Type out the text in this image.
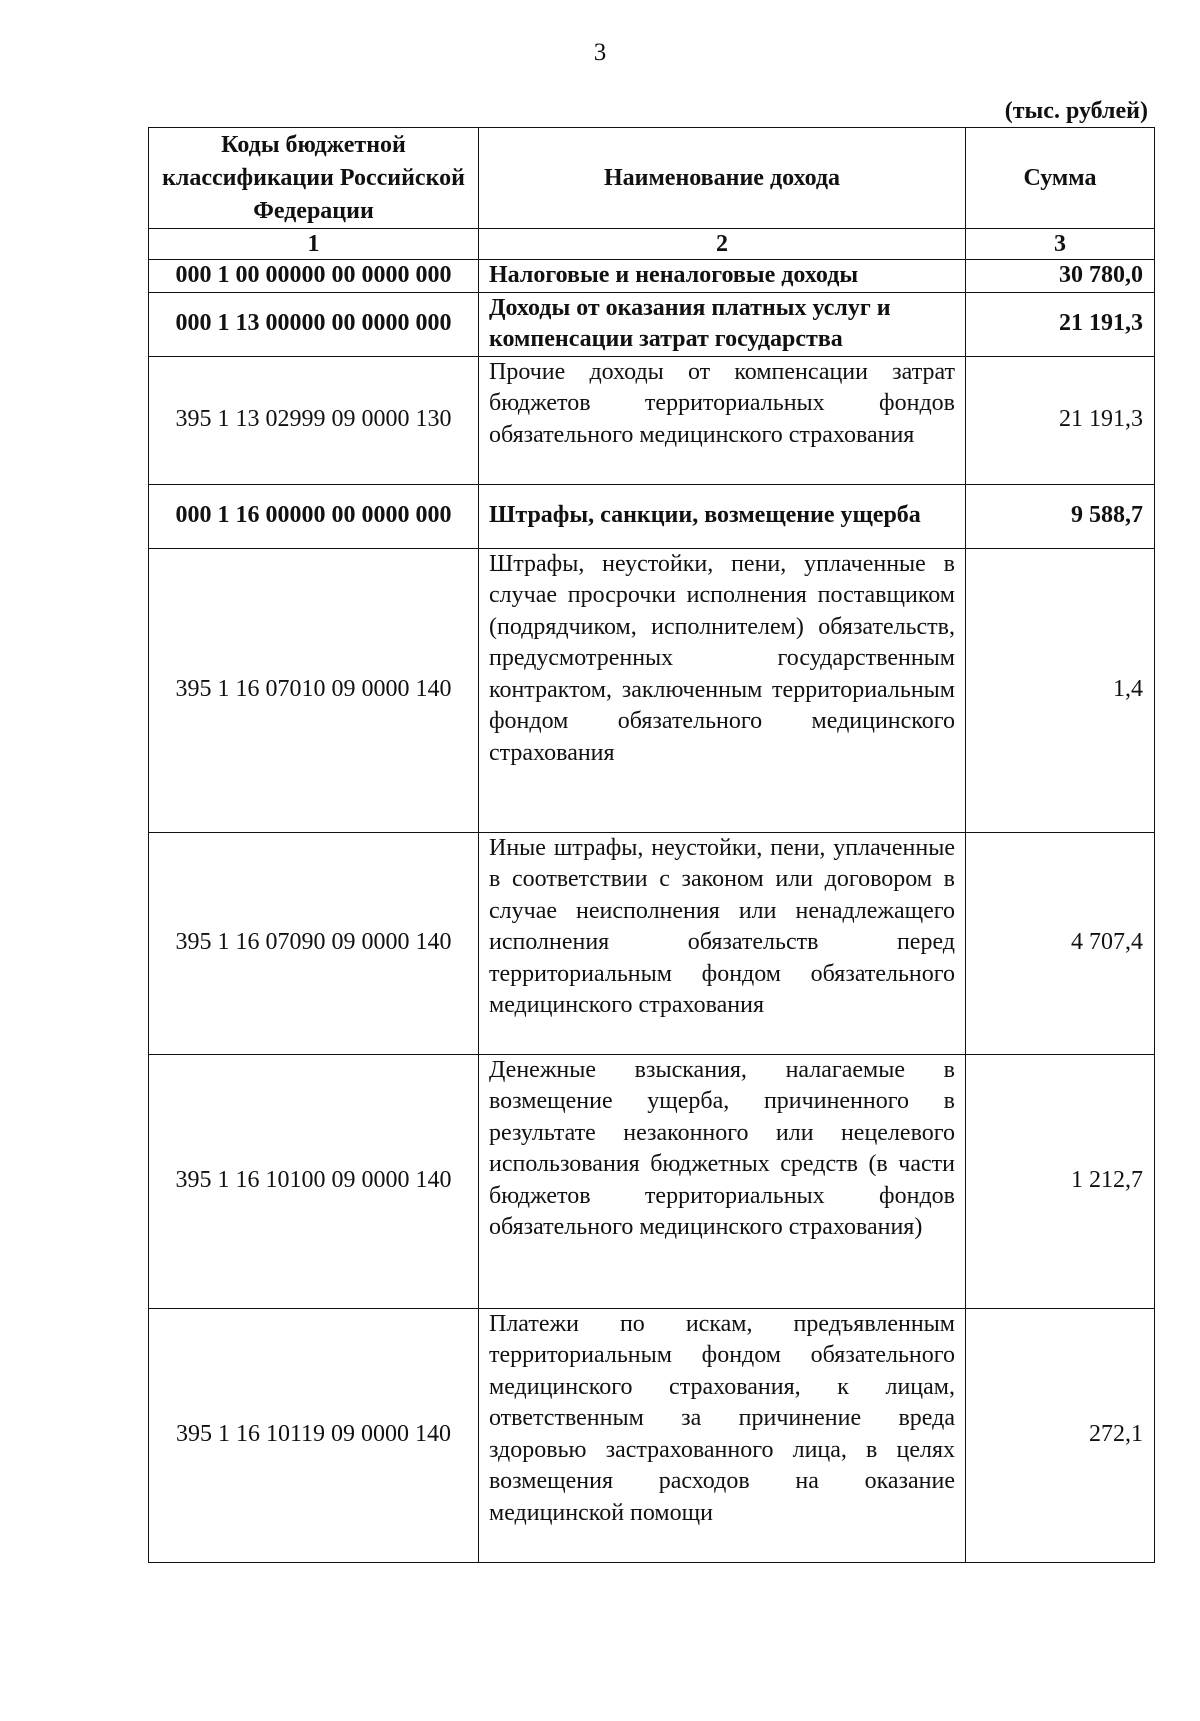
3
(тыс. рублей)
Коды бюджетной классификации Российской Федерации	Наименование дохода	Сумма
1	2	3
000 1 00 00000 00 0000 000	Налоговые и неналоговые доходы	30 780,0
000 1 13 00000 00 0000 000	Доходы от оказания платных услуг и компенсации затрат государства	21 191,3
395 1 13 02999 09 0000 130	Прочие доходы от компенсации затрат бюджетов территориальных фондов обязательного медицинского страхования	21 191,3
000 1 16 00000 00 0000 000	Штрафы, санкции, возмещение ущерба	9 588,7
395 1 16 07010 09 0000 140	Штрафы, неустойки, пени, уплаченные в случае просрочки исполнения поставщиком (подрядчиком, исполнителем) обязательств, предусмотренных государственным контрактом, заключенным территориальным фондом обязательного медицинского страхования	1,4
395 1 16 07090 09 0000 140	Иные штрафы, неустойки, пени, уплаченные в соответствии с законом или договором в случае неисполнения или ненадлежащего исполнения обязательств перед территориальным фондом обязательного медицинского страхования	4 707,4
395 1 16 10100 09 0000 140	Денежные взыскания, налагаемые в возмещение ущерба, причиненного в результате незаконного или нецелевого использования бюджетных средств (в части бюджетов территориальных фондов обязательного медицинского страхования)	1 212,7
395 1 16 10119 09 0000 140	Платежи по искам, предъявленным территориальным фондом обязательного медицинского страхования, к лицам, ответственным за причинение вреда здоровью застрахованного лица, в целях возмещения расходов на оказание медицинской помощи	272,1
